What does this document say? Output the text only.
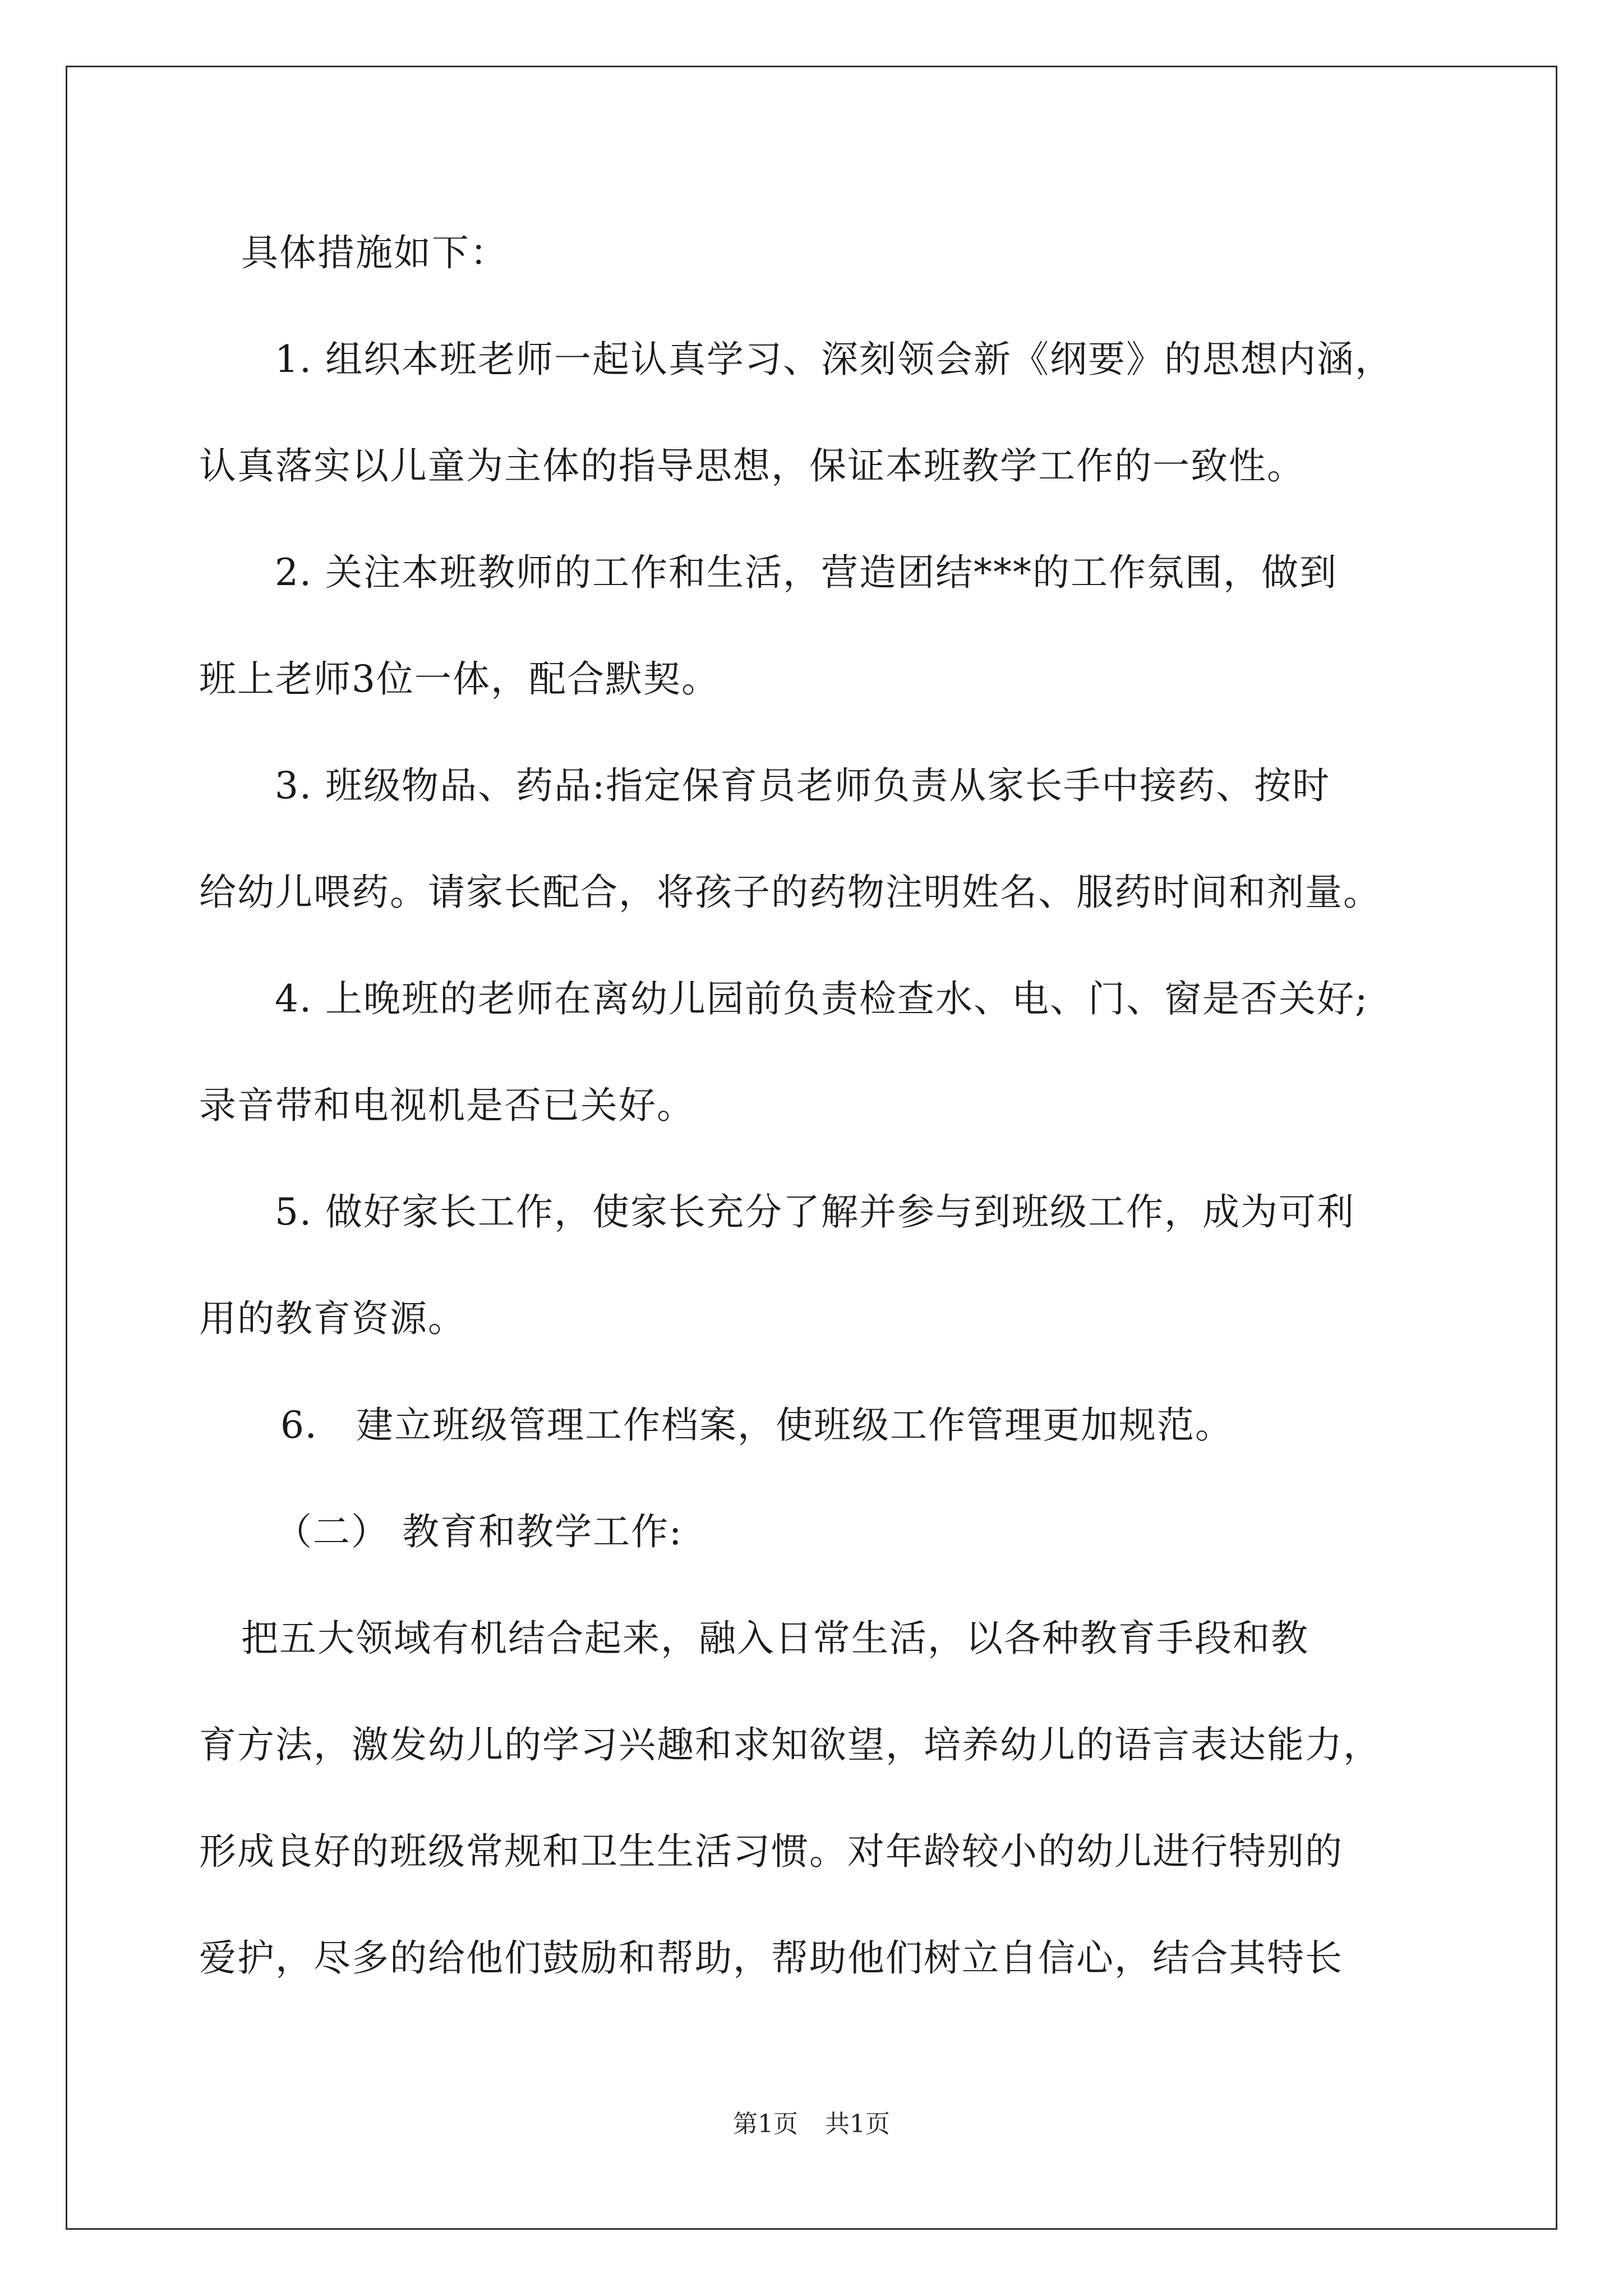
具体措施如下：
1. 组织本班老师一起认真学习、深刻领会新《纲要》的思想内涵，
认真落实以儿童为主体的指导思想，保证本班教学工作的一致性。
2. 关注本班教师的工作和生活，营造团结***的工作氛围，做到
班上老师3位一体，配合默契。
3. 班级物品、药品:指定保育员老师负责从家长手中接药、按时
给幼儿喂药。请家长配合，将孩子的药物注明姓名、服药时间和剂量。
4. 上晚班的老师在离幼儿园前负责检查水、电、门、窗是否关好;
录音带和电视机是否已关好。
5. 做好家长工作，使家长充分了解并参与到班级工作，成为可利
用的教育资源。
6． 建立班级管理工作档案，使班级工作管理更加规范。
（二） 教育和教学工作:
把五大领域有机结合起来，融入日常生活，以各种教育手段和教
育方法，激发幼儿的学习兴趣和求知欲望，培养幼儿的语言表达能力，
形成良好的班级常规和卫生生活习惯。对年龄较小的幼儿进行特别的
爱护，尽多的给他们鼓励和帮助，帮助他们树立自信心，结合其特长
第1页 共1页
